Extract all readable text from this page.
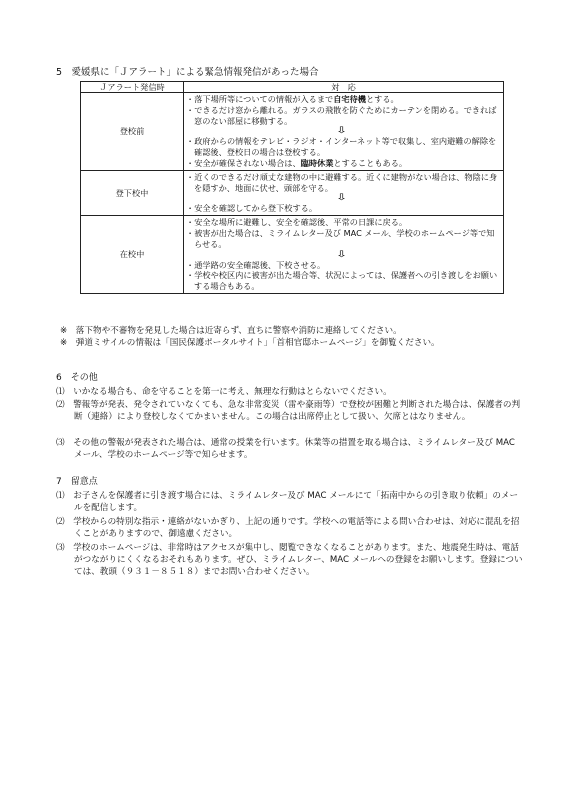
5　愛媛県に「Ｊアラート」による緊急情報発信があった場合
Ｊアラート発信時	対　応
登校前	・落下場所等についての情報が入るまで自宅待機とする。
・できるだけ窓から離れる。ガラスの飛散を防ぐためにカーテンを閉める。できれば窓のない部屋に移動する。
⇩
・政府からの情報をテレビ・ラジオ・インターネット等で収集し、室内避難の解除を確認後、登校日の場合は登校する。
・安全が確保されない場合は、臨時休業とすることもある。

登下校中	・近くのできるだけ頑丈な建物の中に避難する。近くに建物がない場合は、物陰に身を隠すか、地面に伏せ、頭部を守る。
⇩
・安全を確認してから登下校する。

在校中	・安全な場所に避難し、安全を確認後、平常の日課に戻る。
・被害が出た場合は、ミライムレター及び MAC メール、学校のホームページ等で知らせる。
⇩
・通学路の安全確認後、下校させる。
・学校や校区内に被害が出た場合等、状況によっては、保護者への引き渡しをお願いする場合もある。
※　落下物や不審物を発見した場合は近寄らず、直ちに警察や消防に連絡してください。
※　弾道ミサイルの情報は「国民保護ポータルサイト」「首相官邸ホームページ」を御覧ください。
6　その他
⑴　いかなる場合も、命を守ることを第一に考え、無理な行動はとらないでください。
⑵　警報等が発表、発令されていなくても、急な非常変災（雷や豪雨等）で登校が困難と判断された場合は、保護者の判断（連絡）により登校しなくてかまいません。この場合は出席停止として扱い、欠席とはなりません。
⑶　その他の警報が発表された場合は、通常の授業を行います。休業等の措置を取る場合は、ミライムレター及び MAC メール、学校のホームページ等で知らせます。
7　留意点
⑴　お子さんを保護者に引き渡す場合には、ミライムレター及び MAC メールにて「拓南中からの引き取り依頼」のメールを配信します。
⑵　学校からの特別な指示・連絡がないかぎり、上記の通りです。学校への電話等による問い合わせは、対応に混乱を招くことがありますので、御遠慮ください。
⑶　学校のホームページは、非常時はアクセスが集中し、閲覧できなくなることがあります。また、地震発生時は、電話がつながりにくくなるおそれもあります。ぜひ、ミライムレター、MAC メールへの登録をお願いします。登録については、教頭（９３１－８５１８）までお問い合わせください。
